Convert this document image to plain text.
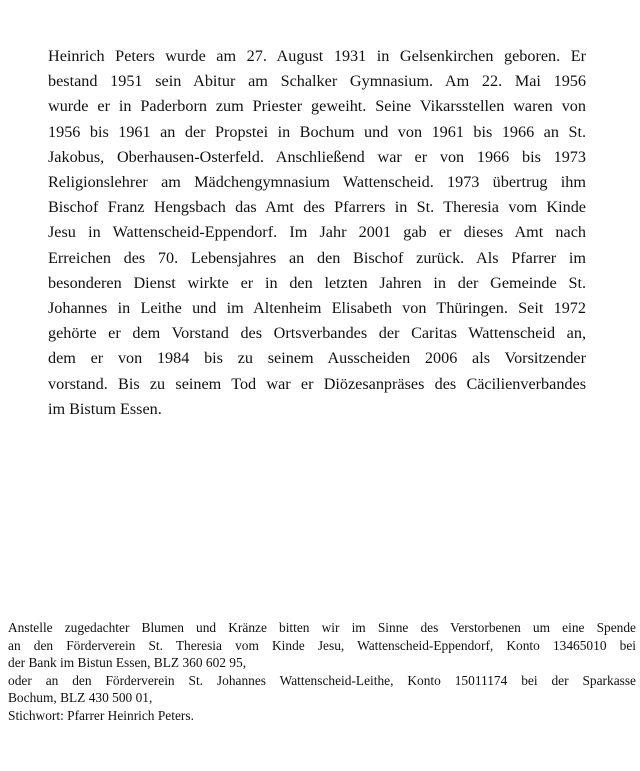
Heinrich Peters wurde am 27. August 1931 in Gelsenkirchen geboren. Er
bestand 1951 sein Abitur am Schalker Gymnasium. Am 22. Mai 1956
wurde er in Paderborn zum Priester geweiht. Seine Vikarsstellen waren von
1956 bis 1961 an der Propstei in Bochum und von 1961 bis 1966 an St.
Jakobus, Oberhausen-Osterfeld. Anschließend war er von 1966 bis 1973
Religionslehrer am Mädchengymnasium Wattenscheid. 1973 übertrug ihm
Bischof Franz Hengsbach das Amt des Pfarrers in St. Theresia vom Kinde
Jesu in Wattenscheid-Eppendorf. Im Jahr 2001 gab er dieses Amt nach
Erreichen des 70. Lebensjahres an den Bischof zurück. Als Pfarrer im
besonderen Dienst wirkte er in den letzten Jahren in der Gemeinde St.
Johannes in Leithe und im Altenheim Elisabeth von Thüringen. Seit 1972
gehörte er dem Vorstand des Ortsverbandes der Caritas Wattenscheid an,
dem er von 1984 bis zu seinem Ausscheiden 2006 als Vorsitzender
vorstand. Bis zu seinem Tod war er Diözesanpräses des Cäcilienverbandes
im Bistum Essen.
Anstelle zugedachter Blumen und Kränze bitten wir im Sinne des Verstorbenen um eine Spende
an den Förderverein St. Theresia vom Kinde Jesu, Wattenscheid-Eppendorf, Konto 13465010 bei
der Bank im Bistun Essen, BLZ 360 602 95,
oder an den Förderverein St. Johannes Wattenscheid-Leithe, Konto 15011174 bei der Sparkasse
Bochum, BLZ 430 500 01,
Stichwort: Pfarrer Heinrich Peters.
